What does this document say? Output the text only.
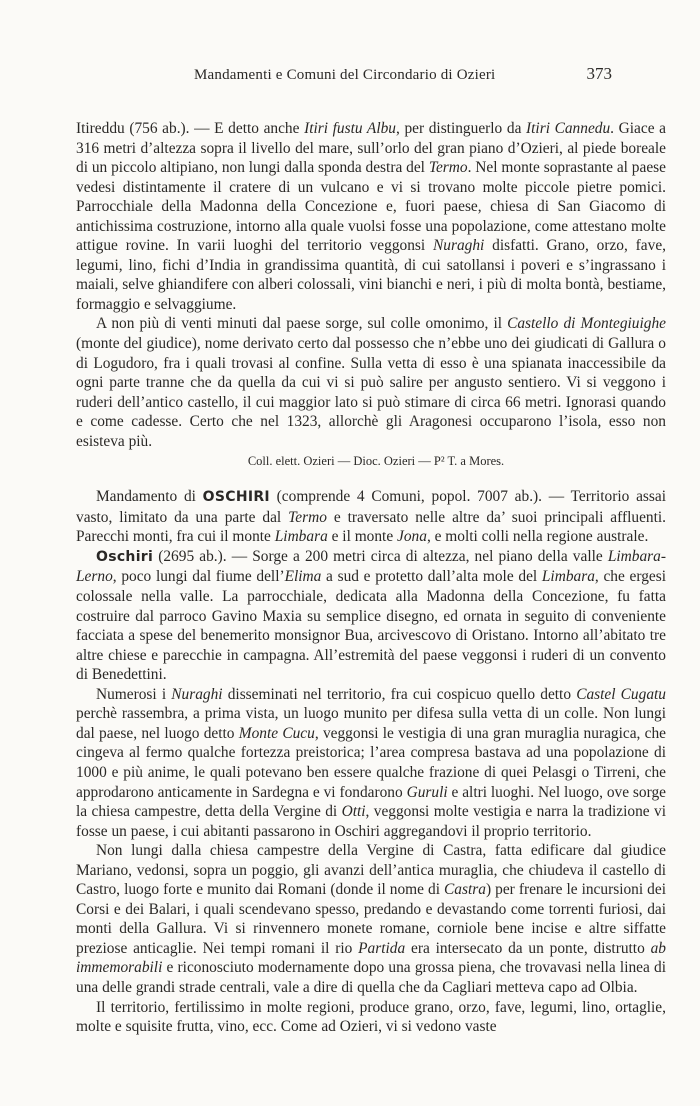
Mandamenti e Comuni del Circondario di Ozieri	373

Itireddu (756 ab.). — E detto anche Itiri fustu Albu, per distinguerlo da Itiri Cannedu. Giace a 316 metri d’altezza sopra il livello del mare, sull’orlo del gran piano d’Ozieri, al piede boreale di un piccolo altipiano, non lungi dalla sponda destra del Termo. Nel monte soprastante al paese vedesi distintamente il cratere di un vulcano e vi si trovano molte piccole pietre pomici. Parrocchiale della Madonna della Concezione e, fuori paese, chiesa di San Giacomo di antichissima costruzione, intorno alla quale vuolsi fosse una popolazione, come attestano molte attigue rovine. In varii luoghi del territorio veggonsi Nuraghi disfatti. Grano, orzo, fave, legumi, lino, fichi d’India in grandissima quantità, di cui satollansi i poveri e s’ingrassano i maiali, selve ghiandifere con alberi colossali, vini bianchi e neri, i più di molta bontà, bestiame, formaggio e selvaggiume.

A non più di venti minuti dal paese sorge, sul colle omonimo, il Castello di Montegiuighe (monte del giudice), nome derivato certo dal possesso che n’ebbe uno dei giudicati di Gallura o di Logudoro, fra i quali trovasi al confine. Sulla vetta di esso è una spianata inaccessibile da ogni parte tranne che da quella da cui vi si può salire per angusto sentiero. Vi si veggono i ruderi dell’antico castello, il cui maggior lato si può stimare di circa 66 metri. Ignorasi quando e come cadesse. Certo che nel 1323, allorchè gli Aragonesi occuparono l’isola, esso non esisteva più.

Coll. elett. Ozieri — Dioc. Ozieri — P² T. a Mores.

Mandamento di OSCHIRI (comprende 4 Comuni, popol. 7007 ab.). — Territorio assai vasto, limitato da una parte dal Termo e traversato nelle altre da’ suoi principali affluenti. Parecchi monti, fra cui il monte Limbara e il monte Jona, e molti colli nella regione australe.

Oschiri (2695 ab.). — Sorge a 200 metri circa di altezza, nel piano della valle Limbara-Lerno, poco lungi dal fiume dell’Elima a sud e protetto dall’alta mole del Limbara, che ergesi colossale nella valle. La parrocchiale, dedicata alla Madonna della Concezione, fu fatta costruire dal parroco Gavino Maxia su semplice disegno, ed ornata in seguito di conveniente facciata a spese del benemerito monsignor Bua, arcivescovo di Oristano. Intorno all’abitato tre altre chiese e parecchie in campagna. All’estremità del paese veggonsi i ruderi di un convento di Benedettini.

Numerosi i Nuraghi disseminati nel territorio, fra cui cospicuo quello detto Castel Cugatu perchè rassembra, a prima vista, un luogo munito per difesa sulla vetta di un colle. Non lungi dal paese, nel luogo detto Monte Cucu, veggonsi le vestigia di una gran muraglia nuragica, che cingeva al fermo qualche fortezza preistorica; l’area compresa bastava ad una popolazione di 1000 e più anime, le quali potevano ben essere qualche frazione di quei Pelasgi o Tirreni, che approdarono anticamente in Sardegna e vi fondarono Guruli e altri luoghi. Nel luogo, ove sorge la chiesa campestre, detta della Vergine di Otti, veggonsi molte vestigia e narra la tradizione vi fosse un paese, i cui abitanti passarono in Oschiri aggregandovi il proprio territorio.

Non lungi dalla chiesa campestre della Vergine di Castra, fatta edificare dal giudice Mariano, vedonsi, sopra un poggio, gli avanzi dell’antica muraglia, che chiudeva il castello di Castro, luogo forte e munito dai Romani (donde il nome di Castra) per frenare le incursioni dei Corsi e dei Balari, i quali scendevano spesso, predando e devastando come torrenti furiosi, dai monti della Gallura. Vi si rinvennero monete romane, corniole bene incise e altre siffatte preziose anticaglie. Nei tempi romani il rio Partida era intersecato da un ponte, distrutto ab immemorabili e riconosciuto modernamente dopo una grossa piena, che trovavasi nella linea di una delle grandi strade centrali, vale a dire di quella che da Cagliari metteva capo ad Olbia.

Il territorio, fertilissimo in molte regioni, produce grano, orzo, fave, legumi, lino, ortaglie, molte e squisite frutta, vino, ecc. Come ad Ozieri, vi si vedono vaste
